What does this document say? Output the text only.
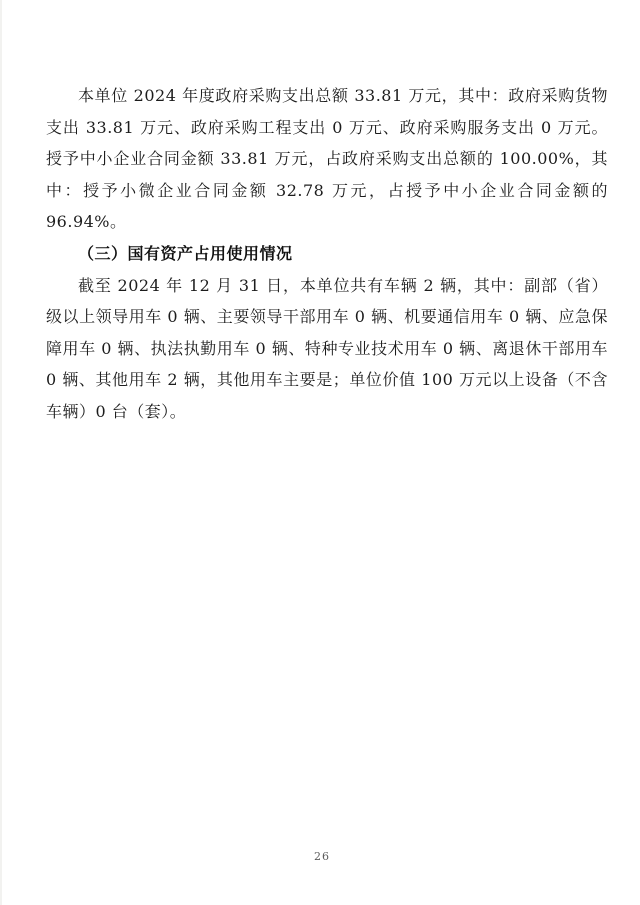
本单位 2024 年度政府采购支出总额 33.81 万元，其中：政府采购货物支出 33.81 万元、政府采购工程支出 0 万元、政府采购服务支出 0 万元。授予中小企业合同金额 33.81 万元，占政府采购支出总额的 100.00%，其中：授予小微企业合同金额 32.78 万元，占授予中小企业合同金额的 96.94%。

（三）国有资产占用使用情况

截至 2024 年 12 月 31 日，本单位共有车辆 2 辆，其中：副部（省）级以上领导用车 0 辆、主要领导干部用车 0 辆、机要通信用车 0 辆、应急保障用车 0 辆、执法执勤用车 0 辆、特种专业技术用车 0 辆、离退休干部用车 0 辆、其他用车 2 辆，其他用车主要是；单位价值 100 万元以上设备（不含车辆）0 台（套）。

26
